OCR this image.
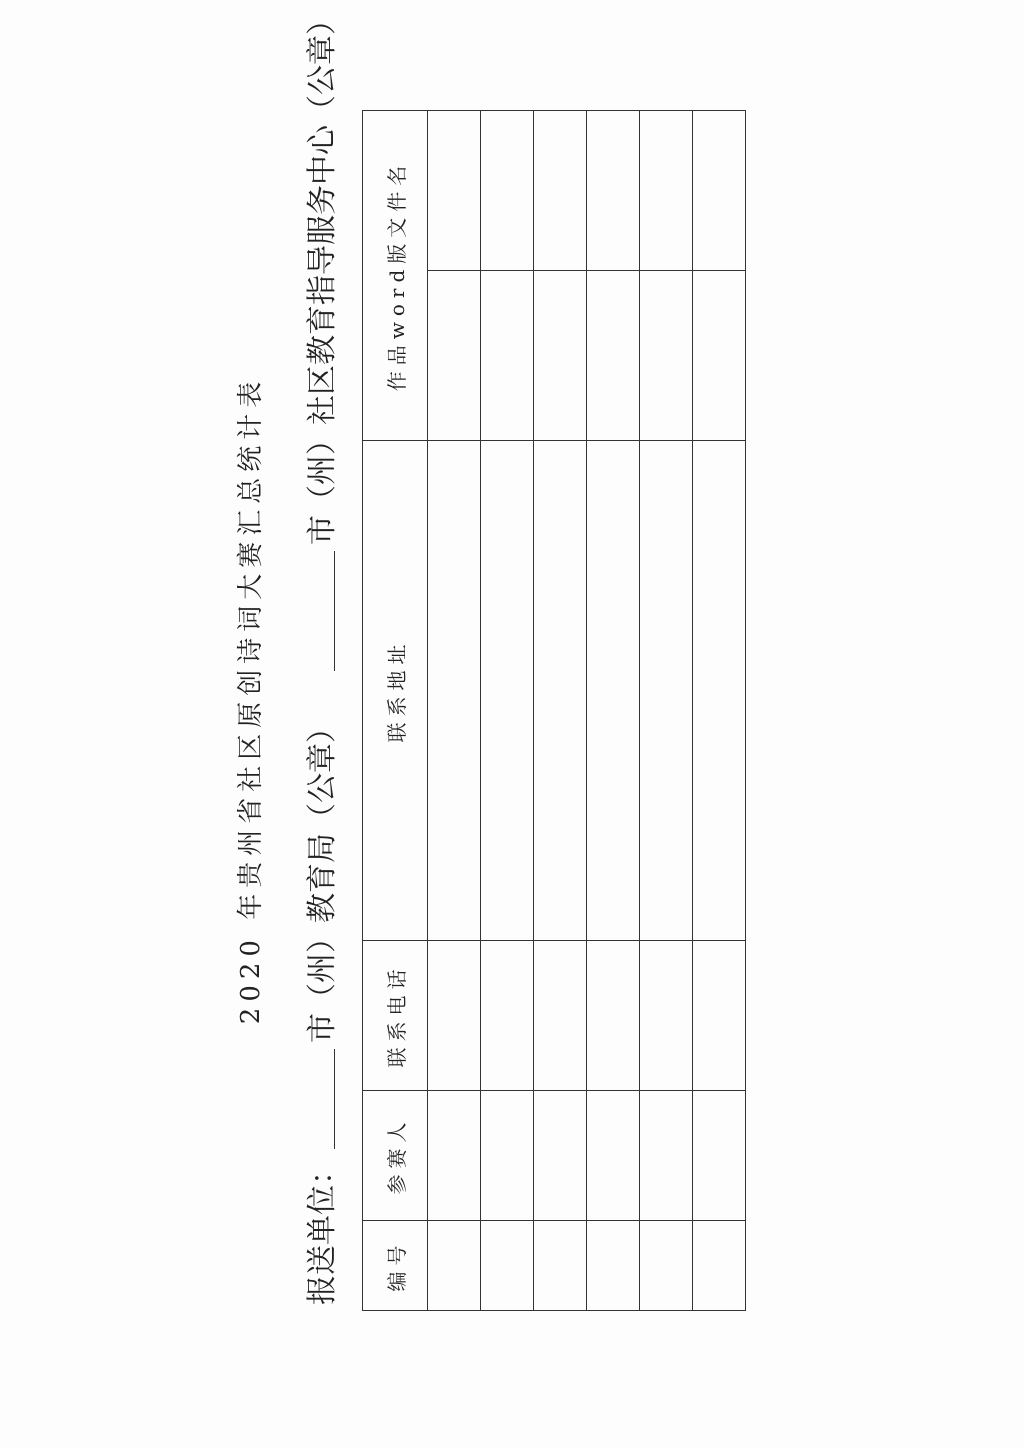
2020 年贵州省社区原创诗词大赛汇总统计表
报送单位：
市（州）教育局（公章）
市（州）社区教育指导服务中心（公章）
编号	参赛人	联系电话	联系地址	作品word版文件名	
